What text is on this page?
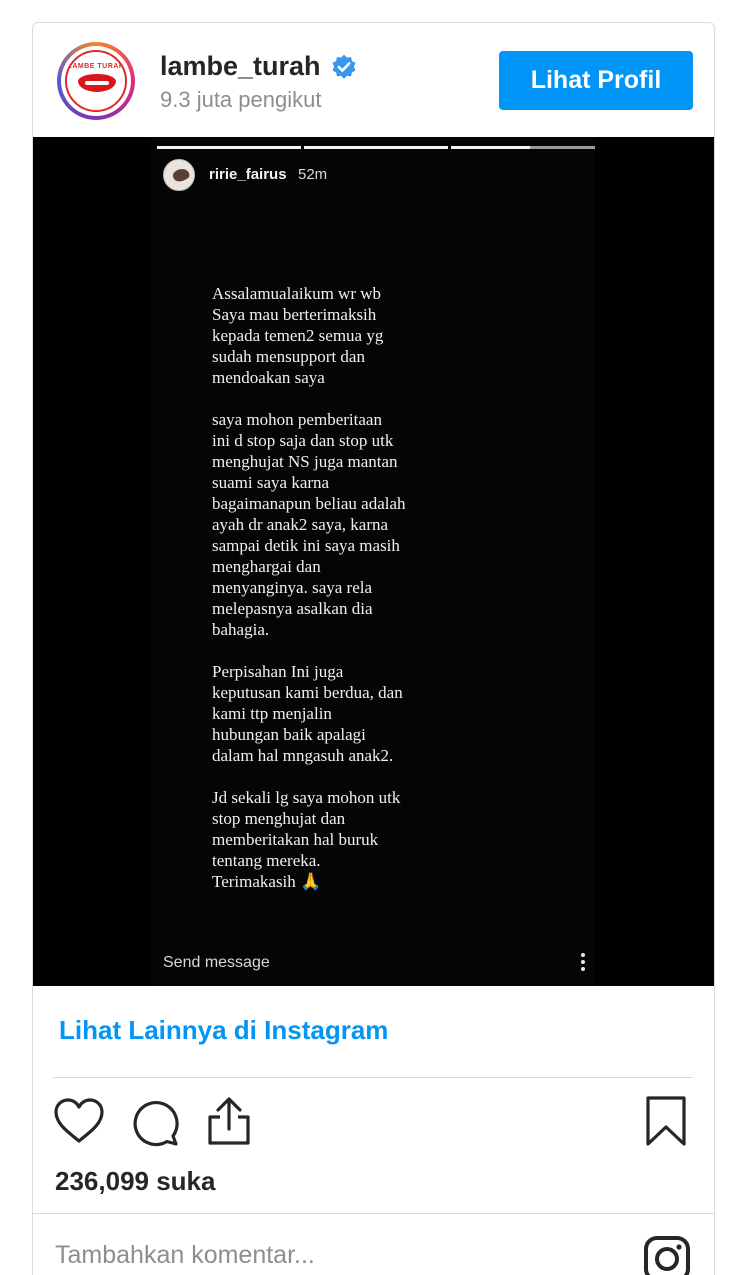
LAMBE TURAH lambe_turah
9.3 juta pengikut
Lihat Profil
ririe_fairus 52m
Assalamualaikum wr wb
Saya mau berterimaksih
kepada temen2 semua yg
sudah mensupport dan
mendoakan saya

saya mohon pemberitaan
ini d stop saja dan stop utk
menghujat NS juga mantan
suami saya karna
bagaimanapun beliau adalah
ayah dr anak2 saya, karna
sampai detik ini saya masih
menghargai dan
menyanginya. saya rela
melepasnya asalkan dia
bahagia.

Perpisahan Ini juga
keputusan kami berdua, dan
kami ttp menjalin
hubungan baik apalagi
dalam hal mngasuh anak2.

Jd sekali lg saya mohon utk
stop menghujat dan
memberitakan hal buruk
tentang mereka.
Terimakasih 🙏
Send message
Lihat Lainnya di Instagram
236,099 suka
Tambahkan komentar...
